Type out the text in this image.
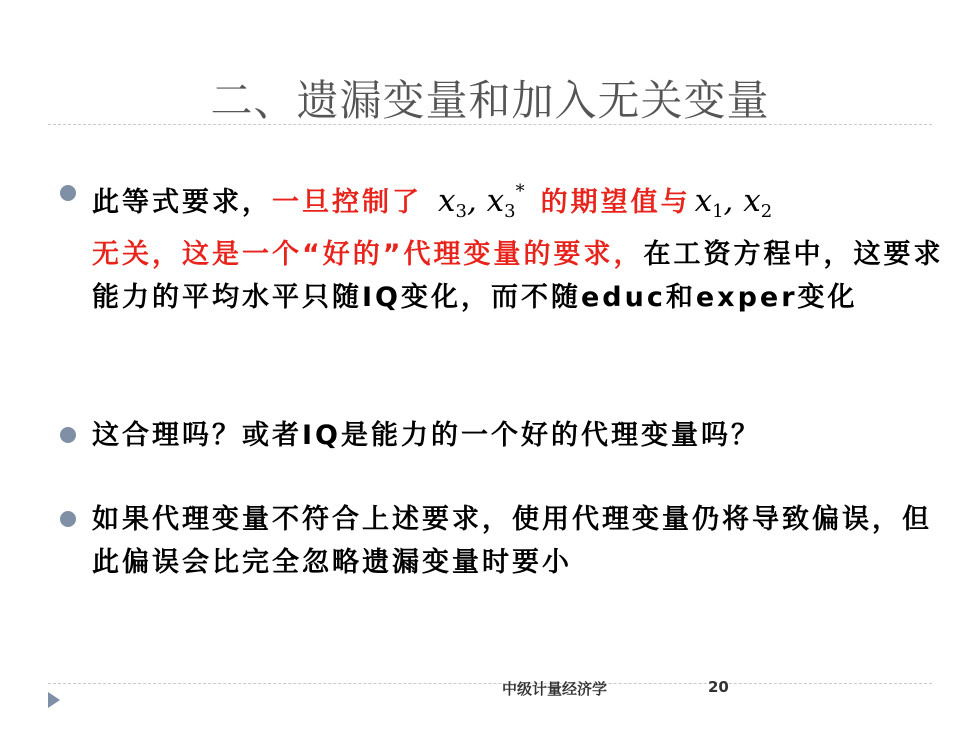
二、遗漏变量和加入无关变量
此等式要求，一旦控制了 $x_3$, $x_3^*$ 的期望值与 $x_1$, $x_2$
无关，这是一个“好的”代理变量的要求，在工资方程中，这要求能力的平均水平只随IQ变化，而不随educ和exper变化
这合理吗？或者IQ是能力的一个好的代理变量吗？
如果代理变量不符合上述要求，使用代理变量仍将导致偏误，但此偏误会比完全忽略遗漏变量时要小
中级计量经济学	20
